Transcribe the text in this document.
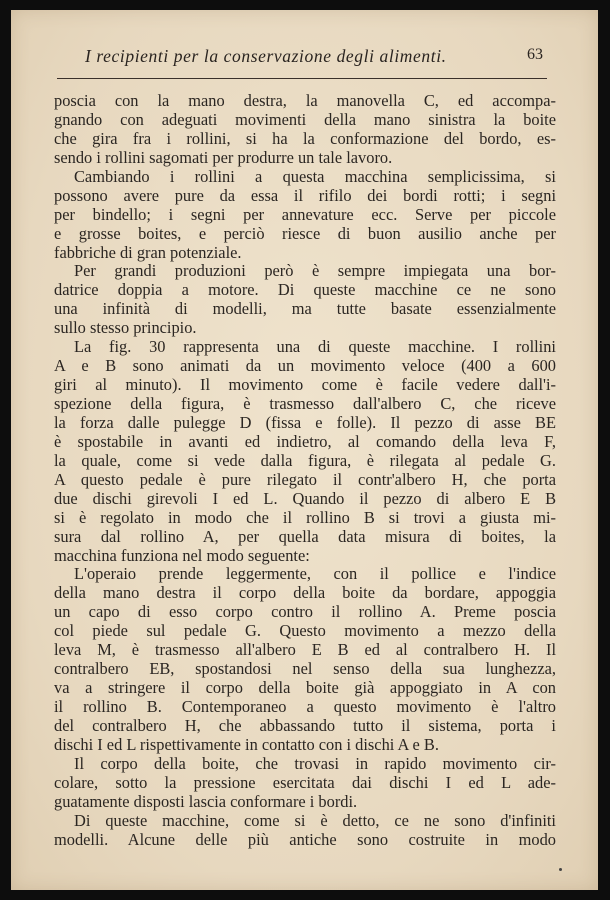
I recipienti per la conservazione degli alimenti.	63
poscia con la mano destra, la manovella C, ed accompa-
gnando con adeguati movimenti della mano sinistra la boite
che gira fra i rollini, si ha la conformazione del bordo, es-
sendo i rollini sagomati per produrre un tale lavoro.
Cambiando i rollini a questa macchina semplicissima, si
possono avere pure da essa il rifilo dei bordi rotti; i segni
per bindello; i segni per annevature ecc. Serve per piccole
e grosse boites, e perciò riesce di buon ausilio anche per
fabbriche di gran potenziale.
Per grandi produzioni però è sempre impiegata una bor-
datrice doppia a motore. Di queste macchine ce ne sono
una infinità di modelli, ma tutte basate essenzialmente
sullo stesso principio.
La fig. 30 rappresenta una di queste macchine. I rollini
A e B sono animati da un movimento veloce (400 a 600
giri al minuto). Il movimento come è facile vedere dall'i-
spezione della figura, è trasmesso dall'albero C, che riceve
la forza dalle pulegge D (fissa e folle). Il pezzo di asse BE
è spostabile in avanti ed indietro, al comando della leva F,
la quale, come si vede dalla figura, è rilegata al pedale G.
A questo pedale è pure rilegato il contr'albero H, che porta
due dischi girevoli I ed L. Quando il pezzo di albero E B
si è regolato in modo che il rollino B si trovi a giusta mi-
sura dal rollino A, per quella data misura di boites, la
macchina funziona nel modo seguente:
L'operaio prende leggermente, con il pollice e l'indice
della mano destra il corpo della boite da bordare, appoggia
un capo di esso corpo contro il rollino A. Preme poscia
col piede sul pedale G. Questo movimento a mezzo della
leva M, è trasmesso all'albero E B ed al contralbero H. Il
contralbero EB, spostandosi nel senso della sua lunghezza,
va a stringere il corpo della boite già appoggiato in A con
il rollino B. Contemporaneo a questo movimento è l'altro
del contralbero H, che abbassando tutto il sistema, porta i
dischi I ed L rispettivamente in contatto con i dischi A e B.
Il corpo della boite, che trovasi in rapido movimento cir-
colare, sotto la pressione esercitata dai dischi I ed L ade-
guatamente disposti lascia conformare i bordi.
Di queste macchine, come si è detto, ce ne sono d'infiniti
modelli. Alcune delle più antiche sono costruite in modo
